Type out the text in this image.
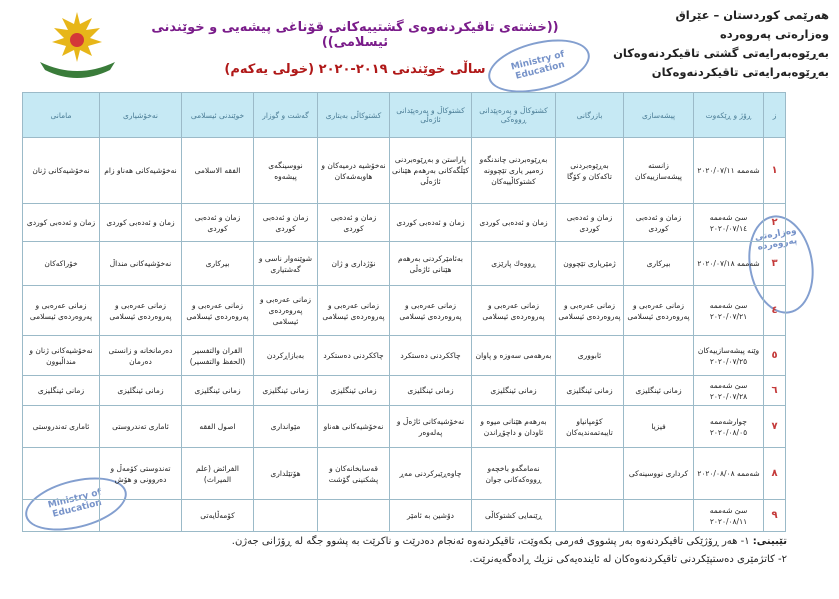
هەرێمی كوردستان – عێراق
وەزارەتی پەروەردە
بەڕێوەبەرایەتی گشتی تاقیكردنەوەكان
بەڕێوەبەرایەتی تاقیكردنەوەكان
((خشتەی تاقیكردنەوەی گشتییەكانی قۆناغی پیشەیی و خوێندنی ئیسلامی))
ساڵی خوێندنی ٢٠١٩-٢٠٢٠ (خولی یەكەم)	Ministry of Education
Ministry of Education
وەزارەتی پەروەردە
ز	ڕۆژ و ڕێكەوت	پیشەسازی	بازرگانی	كشتوكاڵ و پەرەپێدانی ڕووەكی	كشتوكاڵ و پەرەپێدانی ئاژەڵی	كشتوكاڵی بەیتاری	گەشت و گوزار	خوێندنی ئیسلامی	نەخۆشیاری	مامانی
١	شەممە ٢٠٢٠/٠٧/١١	زانستە پیشەسازییەكان	بەڕێوەبردنی تاكەكان و كۆگا	بەڕێوەبردنی چاندنگەو زەمیر یاری تێچوونە كشتوكاڵییەكان	پاراستن و بەڕێوەبردنی كێڵگەكانی بەرهەم هێنانی ئاژەڵی	نەخۆشیە درمیەكان و هاوبەشەكان	نووسینگەی پیشەوە	الفقه الاسلامی	نەخۆشیەكانی هەناو زام	نەخۆشیەكانی ژنان
٢	سێ شەممە ٢٠٢٠/٠٧/١٤	زمان و ئەدەبی كوردی	زمان و ئەدەبی كوردی	زمان و ئەدەبی كوردی	زمان و ئەدەبی كوردی	زمان و ئەدەبی كوردی	زمان و ئەدەبی كوردی	زمان و ئەدەبی كوردی	زمان و ئەدەبی كوردی	زمان و ئەدەبی كوردی
٣	شەممە ٢٠٢٠/٠٧/١٨	بیركاری	ژمێریاری تێچوون	ڕووەك پارێزی	بەئامێركردنی بەرهەم هێنانی ئاژەڵی	نۆژداری و ژان	شوێنەوار ناسی و گەشتیاری	بیركاری	نەخۆشیەكانی منداڵ	خۆراكەكان
٤	سێ شەممە ٢٠٢٠/٠٧/٢١	زمانی عەرەبی و پەروەردەی ئیسلامی	زمانی عەرەبی و پەروەردەی ئیسلامی	زمانی عەرەبی و پەروەردەی ئیسلامی	زمانی عەرەبی و پەروەردەی ئیسلامی	زمانی عەرەبی و پەروەردەی ئیسلامی	زمانی عەرەبی و پەروەردەی ئیسلامی	زمانی عەرەبی و پەروەردەی ئیسلامی	زمانی عەرەبی و پەروەردەی ئیسلامی	زمانی عەرەبی و پەروەردەی ئیسلامی
٥	وێنە پیشەسازییەكان ٢٠٢٠/٠٧/٢٥		ئابووری	بەرهەمی سەوزە و پاوان	چاككردنی دەستكرد	چاككردنی دەستكرد	بەبازاڕكردن	القران والتفسیر (الحفظ والتفسیر)	دەرمانخانە و زانستی دەرمان	نەخۆشیەكانی ژنان و منداڵبوون
٦	سێ شەممە ٢٠٢٠/٠٧/٢٨	زمانی ئینگلیزی	زمانی ئینگلیزی	زمانی ئینگلیزی	زمانی ئینگلیزی	زمانی ئینگلیزی	زمانی ئینگلیزی	زمانی ئینگلیزی	زمانی ئینگلیزی	زمانی ئینگلیزی
٧	چوارشەممە ٢٠٢٠/٠٨/٠٥	فیزیا	كۆمپانیاو تایبەتمەندیەكان	بەرهەم هێنانی میوە و ئاودان و داچۆڕاندن	نەخۆشیەكانی ئاژەڵ و پەلەوەر	نەخۆشیەكانی هەناو	مێوانداری	اصول الفقه	ئاماری تەندروستی	ئاماری تەندروستی
٨	شەممە ٢٠٢٠/٠٨/٠٨	كرداری نووسینەكی		نەمامگەو باخچەو ڕووەكەكانی جوان	چاوەڕێبركردنی مەڕ	قەسابخانەكان و پشكنینی گۆشت	هۆتێلداری	الفرائض (علم المیراث)	تەندوستی كۆمەڵ و دەروونی و هۆش	
٩	سێ شەممە ٢٠٢٠/٠٨/١١			ڕێنمایی كشتوكاڵی	دۆشین بە ئامێر			كۆمەڵایەتی		
تێبینی: ١- هەر ڕۆژێكی تاقیكردنەوە بەر پشووی فەرمی بكەوێت، تاقیكردنەوە ئەنجام دەدرێت و ناكرێت بە پشوو جگە لە ڕۆژانی جەژن.
٢- كاتژمێری دەستپێكردنی تاقیكردنەوەكان لە ئایندەیەكی نزیك ڕادەگەیەنرێت.
